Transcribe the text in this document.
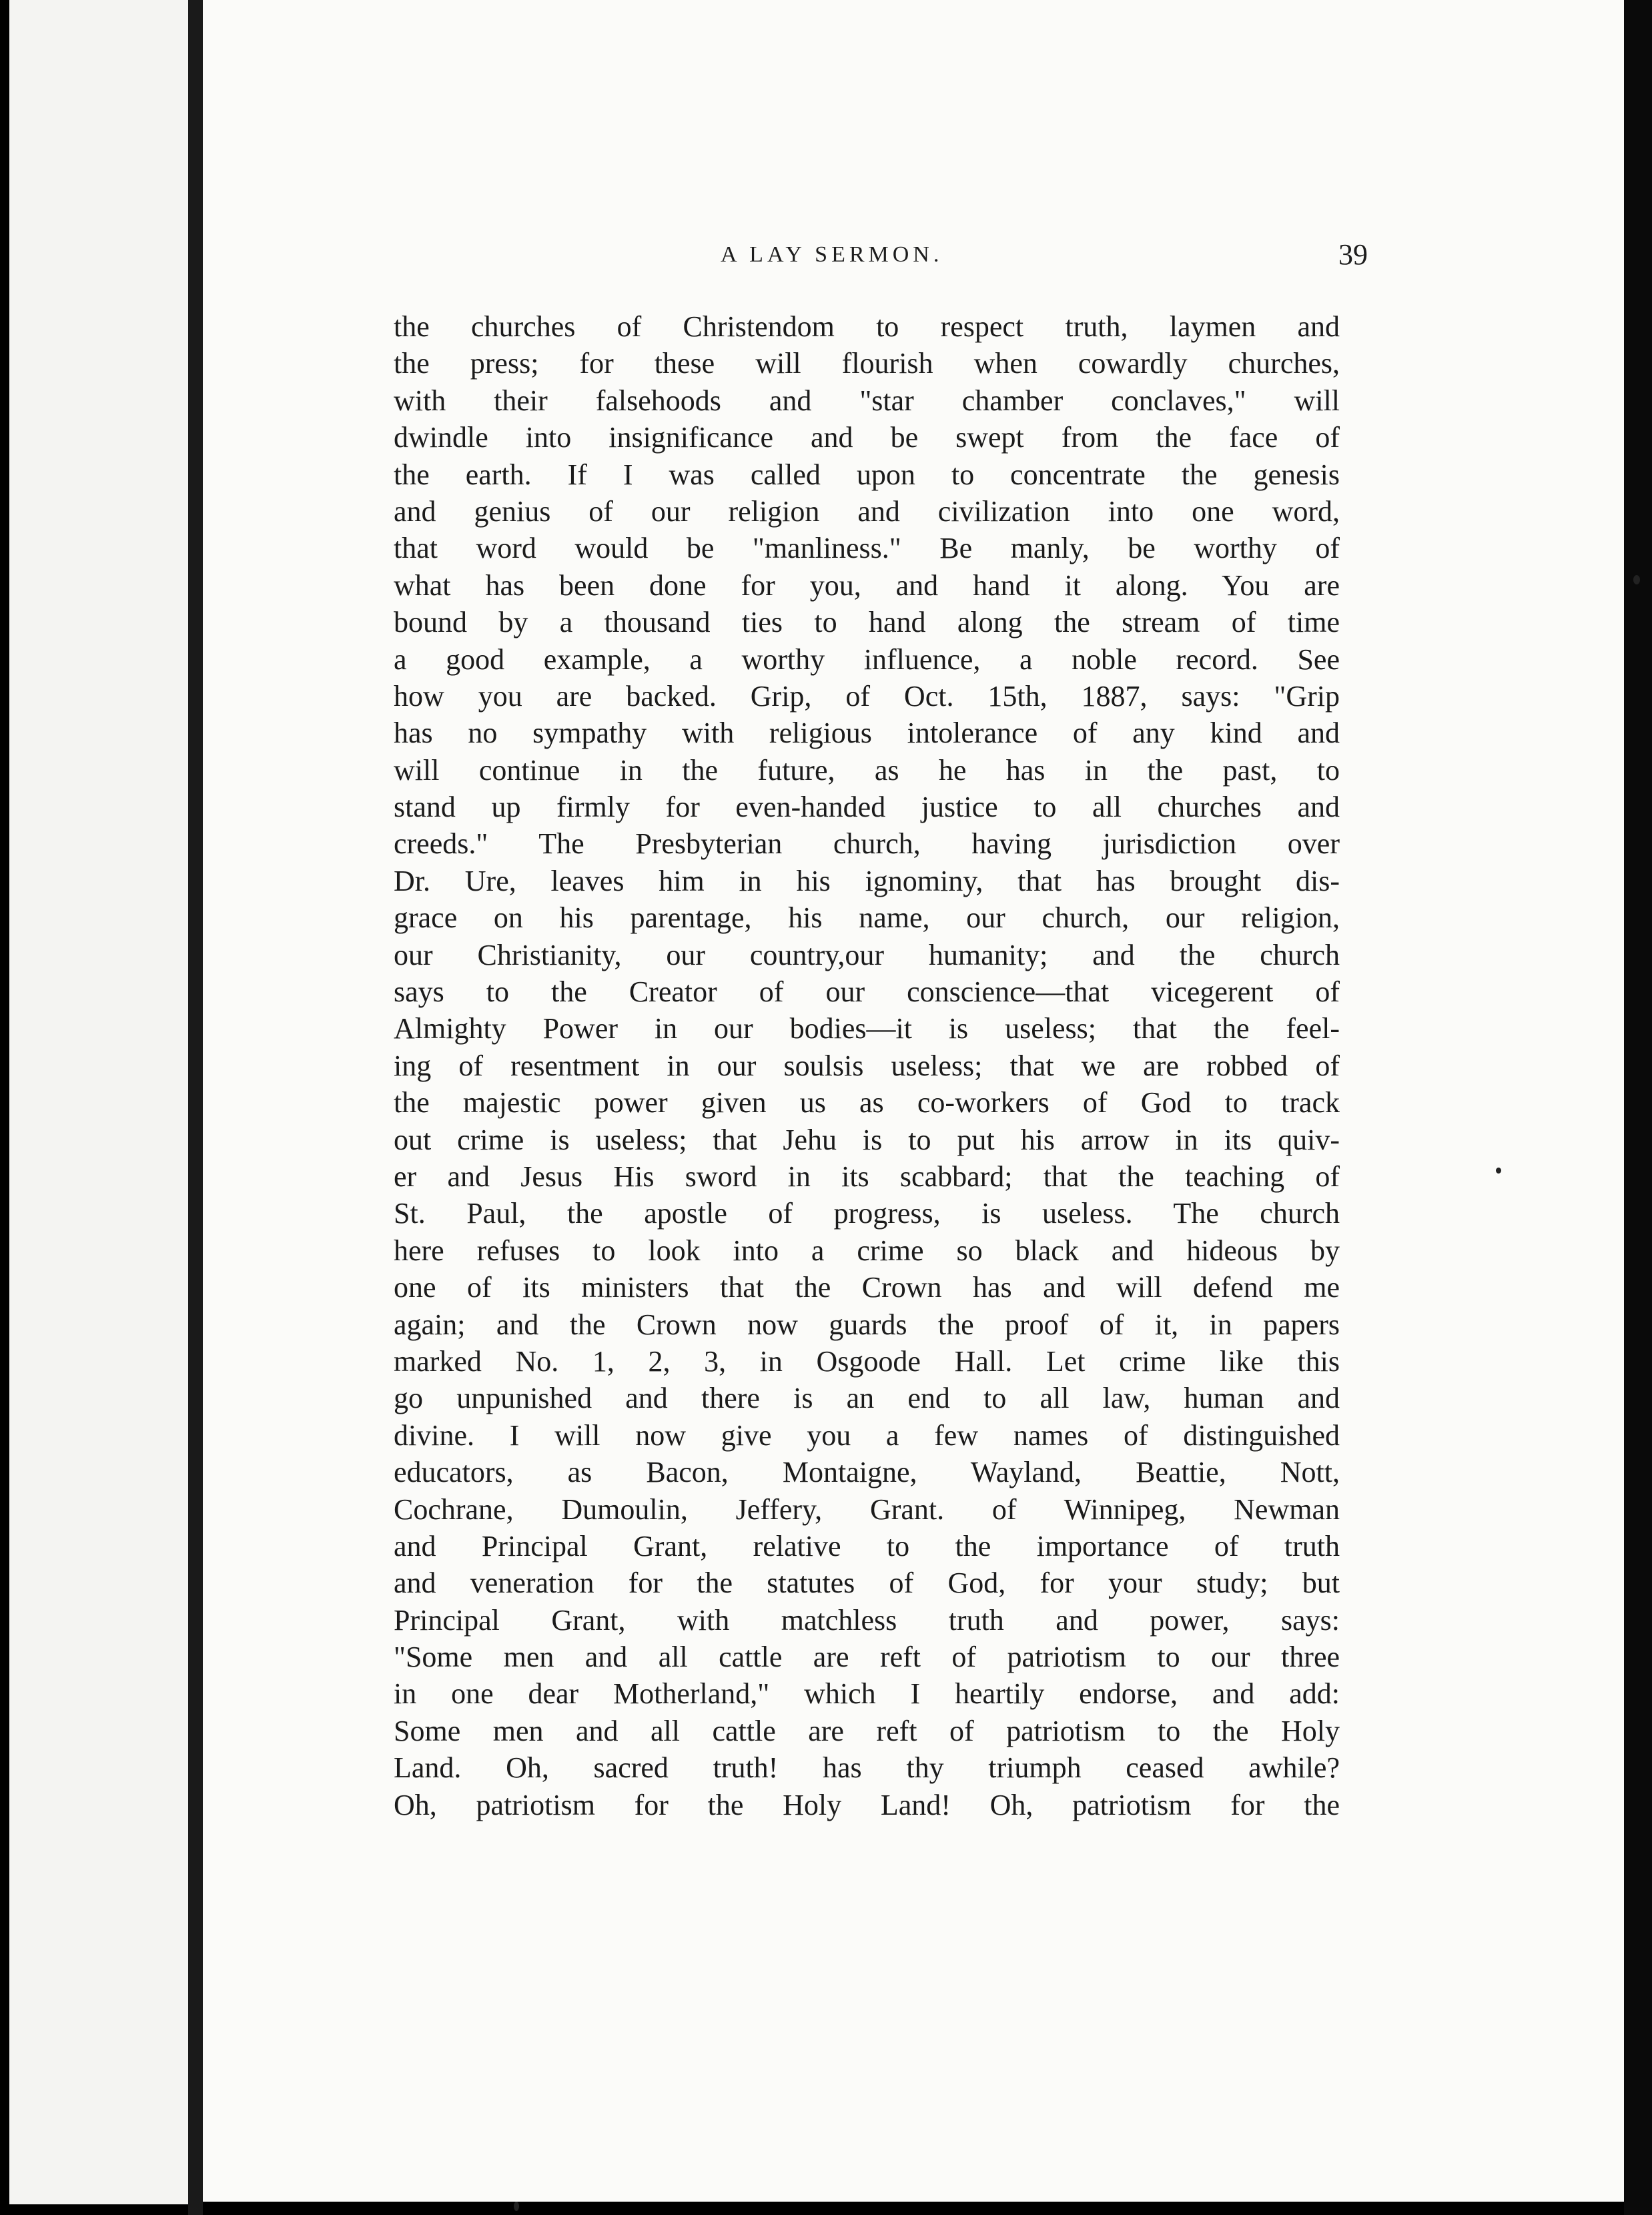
A LAY SERMON.	39
the churches of Christendom to respect truth, laymen and
the press; for these will flourish when cowardly churches,
with their falsehoods and "star chamber conclaves," will
dwindle into insignificance and be swept from the face of
the earth. If I was called upon to concentrate the genesis
and genius of our religion and civilization into one word,
that word would be "manliness." Be manly, be worthy of
what has been done for you, and hand it along. You are
bound by a thousand ties to hand along the stream of time
a good example, a worthy influence, a noble record. See
how you are backed. Grip, of Oct. 15th, 1887, says: "Grip
has no sympathy with religious intolerance of any kind and
will continue in the future, as he has in the past, to
stand up firmly for even-handed justice to all churches and
creeds." The Presbyterian church, having jurisdiction over
Dr. Ure, leaves him in his ignominy, that has brought dis-
grace on his parentage, his name, our church, our religion,
our Christianity, our country,our humanity; and the church
says to the Creator of our conscience—that vicegerent of
Almighty Power in our bodies—it is useless; that the feel-
ing of resentment in our soulsis useless; that we are robbed of
the majestic power given us as co-workers of God to track
out crime is useless; that Jehu is to put his arrow in its quiv-
er and Jesus His sword in its scabbard; that the teaching of
St. Paul, the apostle of progress, is useless. The church
here refuses to look into a crime so black and hideous by
one of its ministers that the Crown has and will defend me
again; and the Crown now guards the proof of it, in papers
marked No. 1, 2, 3, in Osgoode Hall. Let crime like this
go unpunished and there is an end to all law, human and
divine. I will now give you a few names of distinguished
educators, as Bacon, Montaigne, Wayland, Beattie, Nott,
Cochrane, Dumoulin, Jeffery, Grant. of Winnipeg, Newman
and Principal Grant, relative to the importance of truth
and veneration for the statutes of God, for your study; but
Principal Grant, with matchless truth and power, says:
"Some men and all cattle are reft of patriotism to our three
in one dear Motherland," which I heartily endorse, and add:
Some men and all cattle are reft of patriotism to the Holy
Land. Oh, sacred truth! has thy triumph ceased awhile?
Oh, patriotism for the Holy Land! Oh, patriotism for the
